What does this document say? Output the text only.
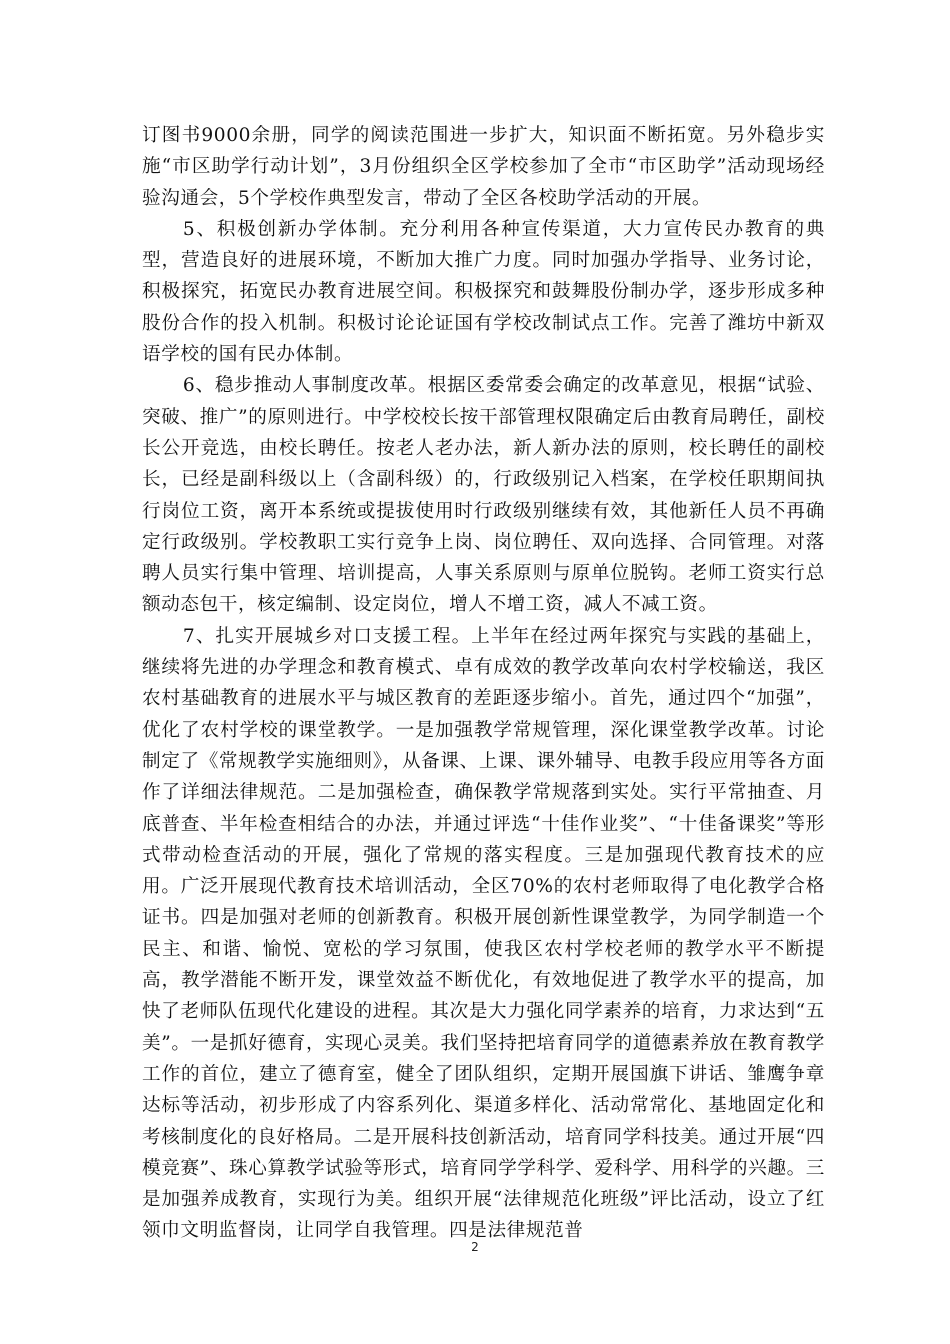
订图书9000余册，同学的阅读范围进一步扩大，知识面不断拓宽。另外稳步实施“市区助学行动计划”，3月份组织全区学校参加了全市“市区助学”活动现场经验沟通会，5个学校作典型发言，带动了全区各校助学活动的开展。

5、积极创新办学体制。充分利用各种宣传渠道，大力宣传民办教育的典型，营造良好的进展环境，不断加大推广力度。同时加强办学指导、业务讨论，积极探究，拓宽民办教育进展空间。积极探究和鼓舞股份制办学，逐步形成多种股份合作的投入机制。积极讨论论证国有学校改制试点工作。完善了潍坊中新双语学校的国有民办体制。

6、稳步推动人事制度改革。根据区委常委会确定的改革意见，根据“试验、突破、推广”的原则进行。中学校校长按干部管理权限确定后由教育局聘任，副校长公开竞选，由校长聘任。按老人老办法，新人新办法的原则，校长聘任的副校长，已经是副科级以上（含副科级）的，行政级别记入档案，在学校任职期间执行岗位工资，离开本系统或提拔使用时行政级别继续有效，其他新任人员不再确定行政级别。学校教职工实行竞争上岗、岗位聘任、双向选择、合同管理。对落聘人员实行集中管理、培训提高，人事关系原则与原单位脱钩。老师工资实行总额动态包干，核定编制、设定岗位，增人不增工资，减人不减工资。

7、扎实开展城乡对口支援工程。上半年在经过两年探究与实践的基础上，继续将先进的办学理念和教育模式、卓有成效的教学改革向农村学校输送，我区农村基础教育的进展水平与城区教育的差距逐步缩小。首先，通过四个“加强”，优化了农村学校的课堂教学。一是加强教学常规管理，深化课堂教学改革。讨论制定了《常规教学实施细则》，从备课、上课、课外辅导、电教手段应用等各方面作了详细法律规范。二是加强检查，确保教学常规落到实处。实行平常抽查、月底普查、半年检查相结合的办法，并通过评选“十佳作业奖”、“十佳备课奖”等形式带动检查活动的开展，强化了常规的落实程度。三是加强现代教育技术的应用。广泛开展现代教育技术培训活动，全区70%的农村老师取得了电化教学合格证书。四是加强对老师的创新教育。积极开展创新性课堂教学，为同学制造一个民主、和谐、愉悦、宽松的学习氛围，使我区农村学校老师的教学水平不断提高，教学潜能不断开发，课堂效益不断优化，有效地促进了教学水平的提高，加快了老师队伍现代化建设的进程。其次是大力强化同学素养的培育，力求达到“五美”。一是抓好德育，实现心灵美。我们坚持把培育同学的道德素养放在教育教学工作的首位，建立了德育室，健全了团队组织，定期开展国旗下讲话、雏鹰争章达标等活动，初步形成了内容系列化、渠道多样化、活动常常化、基地固定化和考核制度化的良好格局。二是开展科技创新活动，培育同学科技美。通过开展“四模竞赛”、珠心算教学试验等形式，培育同学学科学、爱科学、用科学的兴趣。三是加强养成教育，实现行为美。组织开展“法律规范化班级”评比活动，设立了红领巾文明监督岗，让同学自我管理。四是法律规范普

2
